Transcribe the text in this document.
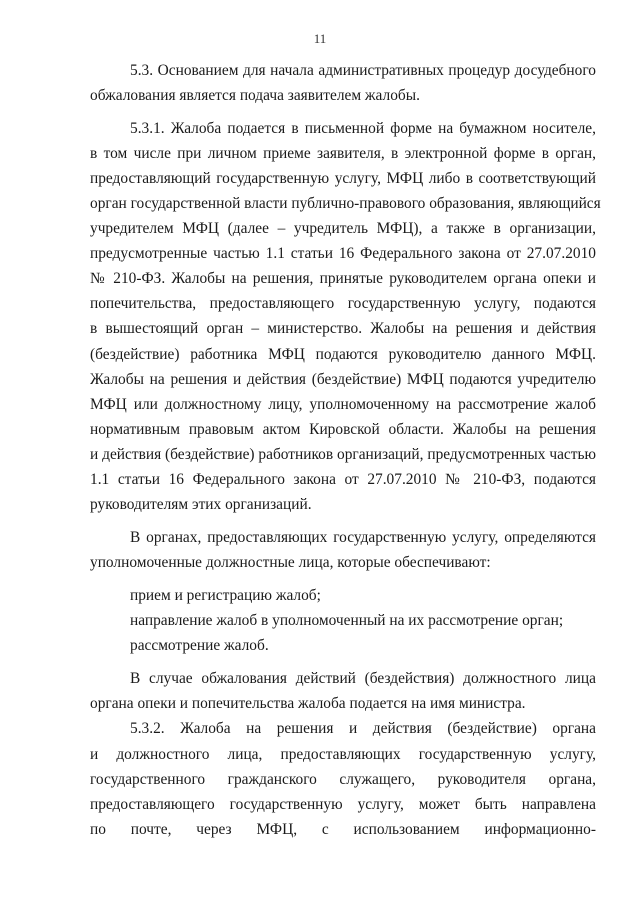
11
5.3. Основанием для начала административных процедур досудебного
обжалования является подача заявителем жалобы.
5.3.1. Жалоба подается в письменной форме на бумажном носителе,
в том числе при личном приеме заявителя, в электронной форме в орган,
предоставляющий государственную услугу, МФЦ либо в соответствующий
орган государственной власти публично-правового образования, являющийся
учредителем МФЦ (далее – учредитель МФЦ), а также в организации,
предусмотренные частью 1.1 статьи 16 Федерального закона от 27.07.2010
№ 210-ФЗ. Жалобы на решения, принятые руководителем органа опеки и
попечительства, предоставляющего государственную услугу, подаются
в вышестоящий орган – министерство. Жалобы на решения и действия
(бездействие) работника МФЦ подаются руководителю данного МФЦ.
Жалобы на решения и действия (бездействие) МФЦ подаются учредителю
МФЦ или должностному лицу, уполномоченному на рассмотрение жалоб
нормативным правовым актом Кировской области. Жалобы на решения
и действия (бездействие) работников организаций, предусмотренных частью
1.1 статьи 16 Федерального закона от 27.07.2010 № 210-ФЗ, подаются
руководителям этих организаций.
В органах, предоставляющих государственную услугу, определяются
уполномоченные должностные лица, которые обеспечивают:
прием и регистрацию жалоб;
направление жалоб в уполномоченный на их рассмотрение орган;
рассмотрение жалоб.
В случае обжалования действий (бездействия) должностного лица
органа опеки и попечительства жалоба подается на имя министра.
5.3.2. Жалоба на решения и действия (бездействие) органа
и должностного лица, предоставляющих государственную услугу,
государственного гражданского служащего, руководителя органа,
предоставляющего государственную услугу, может быть направлена
по почте, через МФЦ, с использованием информационно-
